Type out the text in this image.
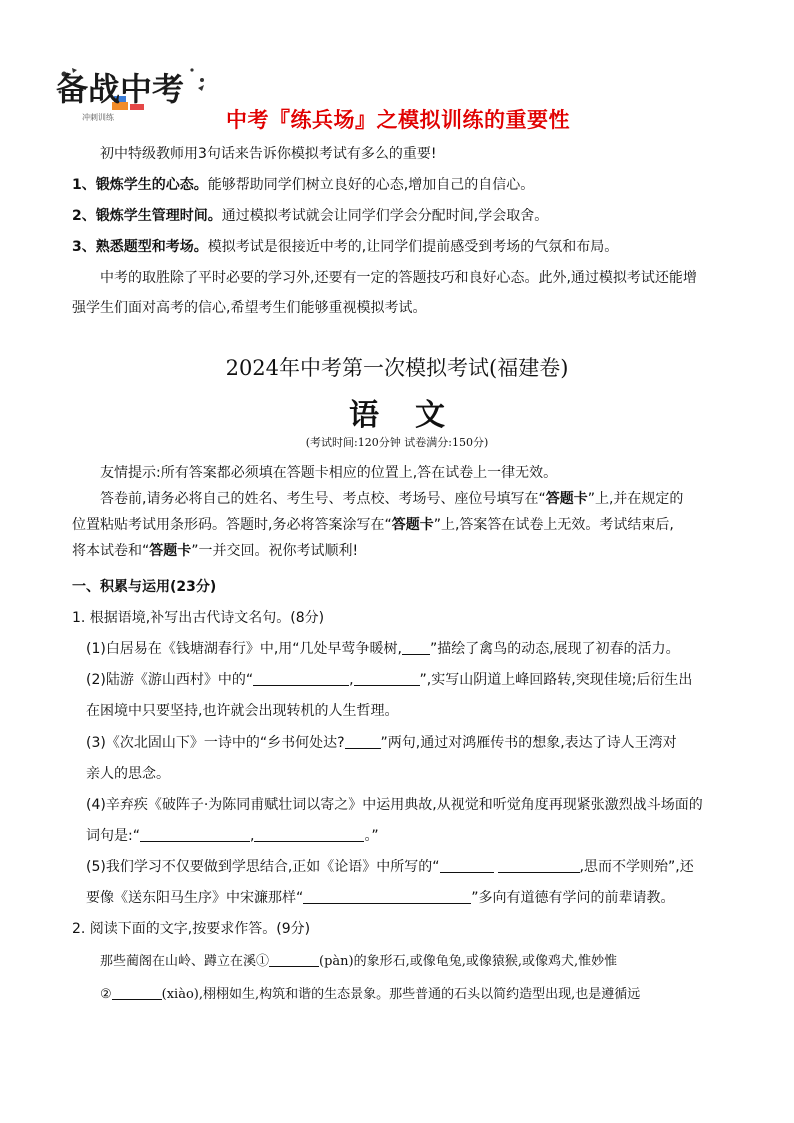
备战中考
冲刺训练	中考『练兵场』之模拟训练的重要性
初中特级教师用3句话来告诉你模拟考试有多么的重要!
1、锻炼学生的心态。能够帮助同学们树立良好的心态,增加自己的自信心。
2、锻炼学生管理时间。通过模拟考试就会让同学们学会分配时间,学会取舍。
3、熟悉题型和考场。模拟考试是很接近中考的,让同学们提前感受到考场的气氛和布局。
中考的取胜除了平时必要的学习外,还要有一定的答题技巧和良好心态。此外,通过模拟考试还能增
强学生们面对高考的信心,希望考生们能够重视模拟考试。
2024年中考第一次模拟考试(福建卷)
语文
(考试时间:120分钟 试卷满分:150分)
友情提示:所有答案都必须填在答题卡相应的位置上,答在试卷上一律无效。
答卷前,请务必将自己的姓名、考生号、考点校、考场号、座位号填写在“答题卡”上,并在规定的
位置粘贴考试用条形码。答题时,务必将答案涂写在“答题卡”上,答案答在试卷上无效。考试结束后,
将本试卷和“答题卡”一并交回。祝你考试顺利!
一、积累与运用(23分)
1. 根据语境,补写出古代诗文名句。(8分)
(1)白居易在《钱塘湖春行》中,用“几处早莺争暖树, ”描绘了禽鸟的动态,展现了初春的活力。
(2)陆游《游山西村》中的“	,	”,实写山阴道上峰回路转,突现佳境;后衍生出
在困境中只要坚持,也许就会出现转机的人生哲理。
(3)《次北固山下》一诗中的“乡书何处达?	”两句,通过对鸿雁传书的想象,表达了诗人王湾对
亲人的思念。
(4)辛弃疾《破阵子·为陈同甫赋壮词以寄之》中运用典故,从视觉和听觉角度再现紧张激烈战斗场面的
词句是:“	,	。”
(5)我们学习不仅要做到学思结合,正如《论语》中所写的“	,思而不学则殆”,还
要像《送东阳马生序》中宋濂那样“	”多向有道德有学问的前辈请教。
2. 阅读下面的文字,按要求作答。(9分)
那些蔺阁在山岭、蹲立在溪①	(pàn)的象形石,或像龟兔,或像猿猴,或像鸡犬,惟妙惟
②	(xiào),栩栩如生,构筑和谐的生态景象。那些普通的石头以简约造型出现,也是遵循远
